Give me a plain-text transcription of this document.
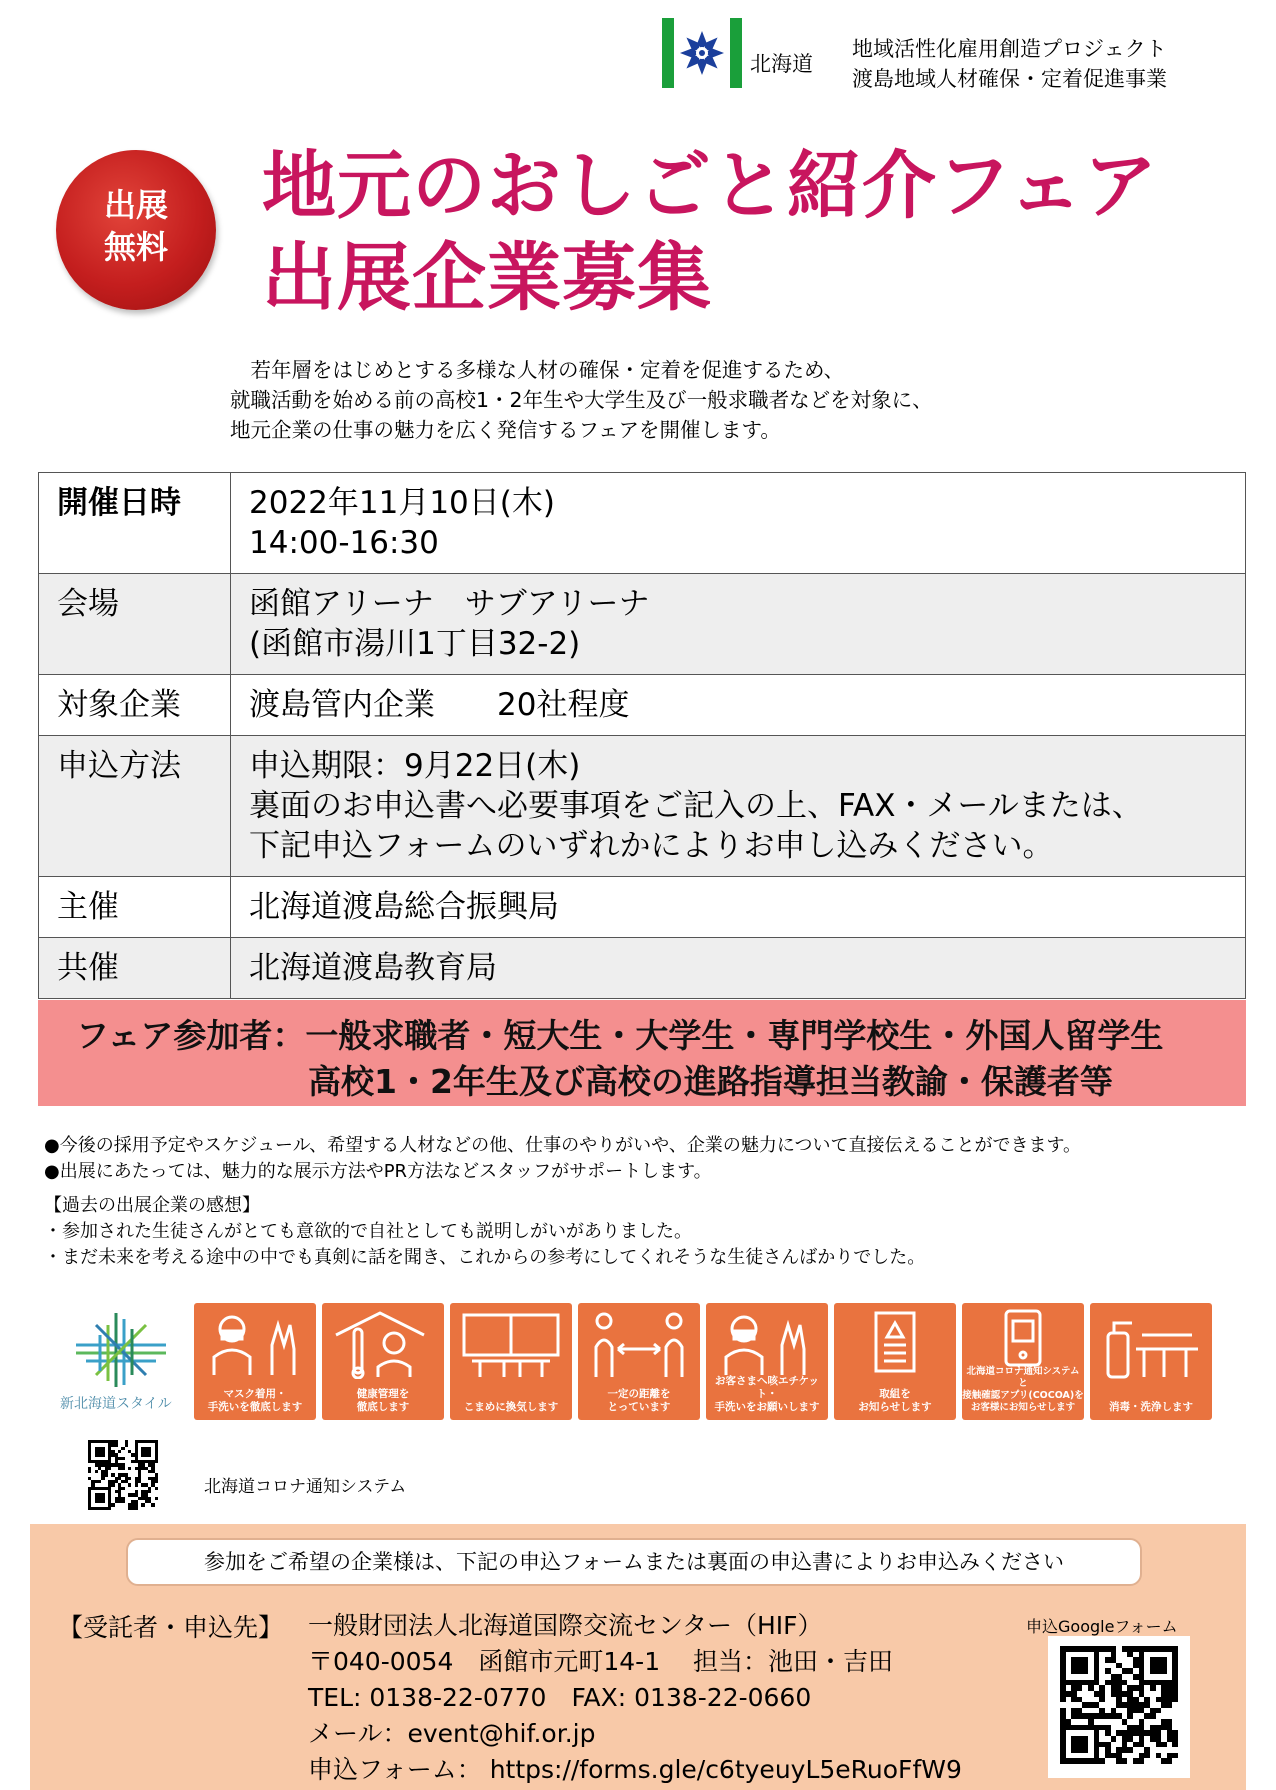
北海道
地域活性化雇用創造プロジェクト
渡島地域人材確保・定着促進事業
出展
無料
地元のおしごと紹介フェア
出展企業募集
　若年層をはじめとする多様な人材の確保・定着を促進するため、
就職活動を始める前の高校1・2年生や大学生及び一般求職者などを対象に、
地元企業の仕事の魅力を広く発信するフェアを開催します。
開催日時	2022年11月10日(木)
14:00-16:30

会場	函館アリーナ　サブアリーナ
(函館市湯川1丁目32-2)

対象企業	渡島管内企業　　20社程度

申込方法	申込期限：9月22日(木)
裏面のお申込書へ必要事項をご記入の上、FAX・メールまたは、
下記申込フォームのいずれかによりお申し込みください。

主催	北海道渡島総合振興局

共催	北海道渡島教育局
フェア参加者：一般求職者・短大生・大学生・専門学校生・外国人留学生
高校1・2年生及び高校の進路指導担当教諭・保護者等
●今後の採用予定やスケジュール、希望する人材などの他、仕事のやりがいや、企業の魅力について直接伝えることができます。
●出展にあたっては、魅力的な展示方法やPR方法などスタッフがサポートします。
【過去の出展企業の感想】
・参加された生徒さんがとても意欲的で自社としても説明しがいがありました。
・まだ未来を考える途中の中でも真剣に話を聞き、これからの参考にしてくれそうな生徒さんばかりでした。
新北海道スタイル
マスク着用・
手洗いを徹底します
健康管理を
徹底します	こまめに換気します
一定の距離を
とっています
お客さまへ咳エチケット・
手洗いをお願いします
取組を
お知らせします
北海道コロナ通知システムと
接触確認アプリ(COCOA)を
お客様にお知らせします	消毒・洗浄します
北海道コロナ通知システム
参加をご希望の企業様は、下記の申込フォームまたは裏面の申込書によりお申込みください
【受託者・申込先】 一般財団法人北海道国際交流センター（HIF）
〒040-0054　函館市元町14-1　 担当：池田・吉田
TEL: 0138-22-0770　FAX: 0138-22-0660
メール：event@hif.or.jp
申込フォーム： https://forms.gle/c6tyeuyL5eRuoFfW9
申込Googleフォーム
